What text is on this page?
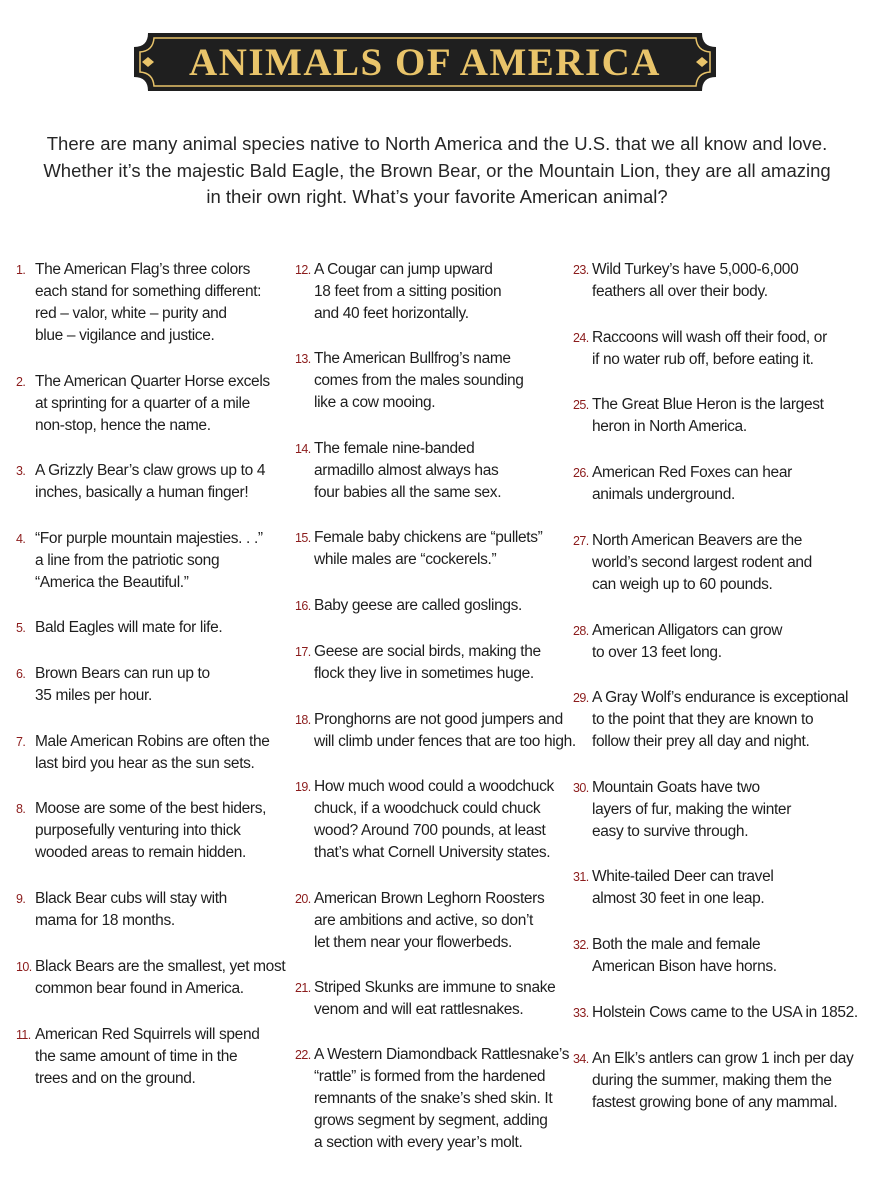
ANIMALS OF AMERICA
There are many animal species native to North America and the U.S. that we all know and love. Whether it’s the majestic Bald Eagle, the Brown Bear, or the Mountain Lion, they are all amazing in their own right. What’s your favorite American animal?
1. The American Flag’s three colors
each stand for something different:
red – valor, white – purity and
blue – vigilance and justice.
2. The American Quarter Horse excels
at sprinting for a quarter of a mile
non-stop, hence the name.
3. A Grizzly Bear’s claw grows up to 4
inches, basically a human finger!
4. “For purple mountain majesties. . .”
a line from the patriotic song
“America the Beautiful.”
5. Bald Eagles will mate for life.
6. Brown Bears can run up to
35 miles per hour.
7. Male American Robins are often the
last bird you hear as the sun sets.
8. Moose are some of the best hiders,
purposefully venturing into thick
wooded areas to remain hidden.
9. Black Bear cubs will stay with
mama for 18 months.
10. Black Bears are the smallest, yet most
common bear found in America.
11. American Red Squirrels will spend
the same amount of time in the
trees and on the ground.
12. A Cougar can jump upward
18 feet from a sitting position
and 40 feet horizontally.
13. The American Bullfrog’s name
comes from the males sounding
like a cow mooing.
14. The female nine-banded
armadillo almost always has
four babies all the same sex.
15. Female baby chickens are “pullets”
while males are “cockerels.”
16. Baby geese are called goslings.
17. Geese are social birds, making the
flock they live in sometimes huge.
18. Pronghorns are not good jumpers and
will climb under fences that are too high.
19. How much wood could a woodchuck
chuck, if a woodchuck could chuck
wood? Around 700 pounds, at least
that’s what Cornell University states.
20. American Brown Leghorn Roosters
are ambitions and active, so don’t
let them near your flowerbeds.
21. Striped Skunks are immune to snake
venom and will eat rattlesnakes.
22. A Western Diamondback Rattlesnake’s
“rattle” is formed from the hardened
remnants of the snake’s shed skin. It
grows segment by segment, adding
a section with every year’s molt.
23. Wild Turkey’s have 5,000-6,000
feathers all over their body.
24. Raccoons will wash off their food, or
if no water rub off, before eating it.
25. The Great Blue Heron is the largest
heron in North America.
26. American Red Foxes can hear
animals underground.
27. North American Beavers are the
world’s second largest rodent and
can weigh up to 60 pounds.
28. American Alligators can grow
to over 13 feet long.
29. A Gray Wolf’s endurance is exceptional
to the point that they are known to
follow their prey all day and night.
30. Mountain Goats have two
layers of fur, making the winter
easy to survive through.
31. White-tailed Deer can travel
almost 30 feet in one leap.
32. Both the male and female
American Bison have horns.
33. Holstein Cows came to the USA in 1852.
34. An Elk’s antlers can grow 1 inch per day
during the summer, making them the
fastest growing bone of any mammal.
